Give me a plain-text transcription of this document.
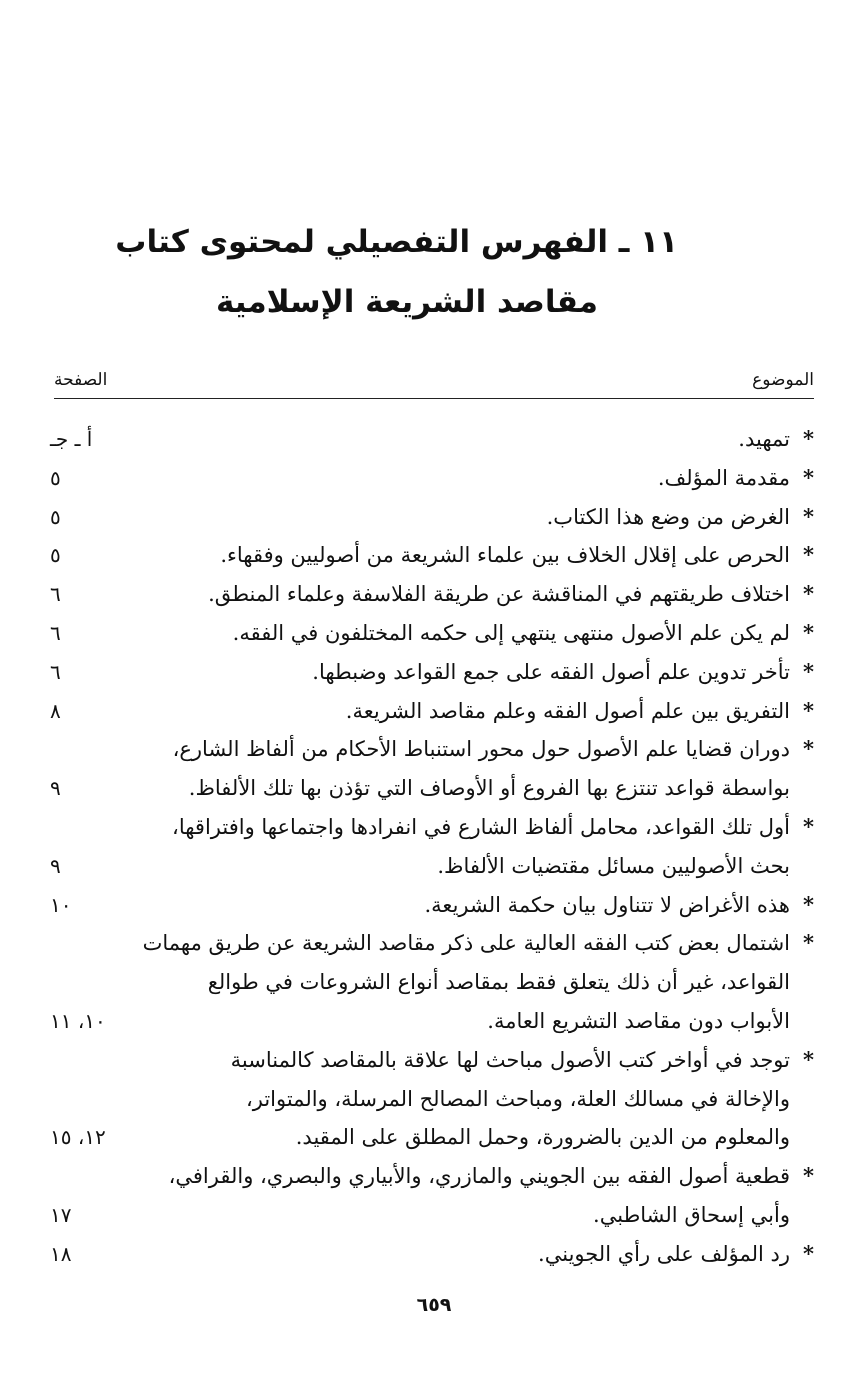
١١ ـ الفهرس التفصيلي لمحتوى كتاب
مقاصد الشريعة الإسلامية
الموضوع
الصفحة
*تمهيد.
أ ـ جـ
*مقدمة المؤلف.
٥
*الغرض من وضع هذا الكتاب.
٥
*الحرص على إقلال الخلاف بين علماء الشريعة من أصوليين وفقهاء.
٥
*اختلاف طريقتهم في المناقشة عن طريقة الفلاسفة وعلماء المنطق.
٦
*لم يكن علم الأصول منتهى ينتهي إلى حكمه المختلفون في الفقه.
٦
*تأخر تدوين علم أصول الفقه على جمع القواعد وضبطها.
٦
*التفريق بين علم أصول الفقه وعلم مقاصد الشريعة.
٨
*دوران قضايا علم الأصول حول محور استنباط الأحكام من ألفاظ الشارع،
بواسطة قواعد تنتزع بها الفروع أو الأوصاف التي تؤذن بها تلك الألفاظ.
٩
*أول تلك القواعد، محامل ألفاظ الشارع في انفرادها واجتماعها وافتراقها،
بحث الأصوليين مسائل مقتضيات الألفاظ.
٩
*هذه الأغراض لا تتناول بيان حكمة الشريعة.
١٠
*اشتمال بعض كتب الفقه العالية على ذكر مقاصد الشريعة عن طريق مهمات
القواعد، غير أن ذلك يتعلق فقط بمقاصد أنواع الشروعات في طوالع
الأبواب دون مقاصد التشريع العامة.
١٠، ١١
*توجد في أواخر كتب الأصول مباحث لها علاقة بالمقاصد كالمناسبة
والإخالة في مسالك العلة، ومباحث المصالح المرسلة، والمتواتر،
والمعلوم من الدين بالضرورة، وحمل المطلق على المقيد.
١٢، ١٥
*قطعية أصول الفقه بين الجويني والمازري، والأبياري والبصري، والقرافي،
وأبي إسحاق الشاطبي.
١٧
*رد المؤلف على رأي الجويني.
١٨
٦٥٩
